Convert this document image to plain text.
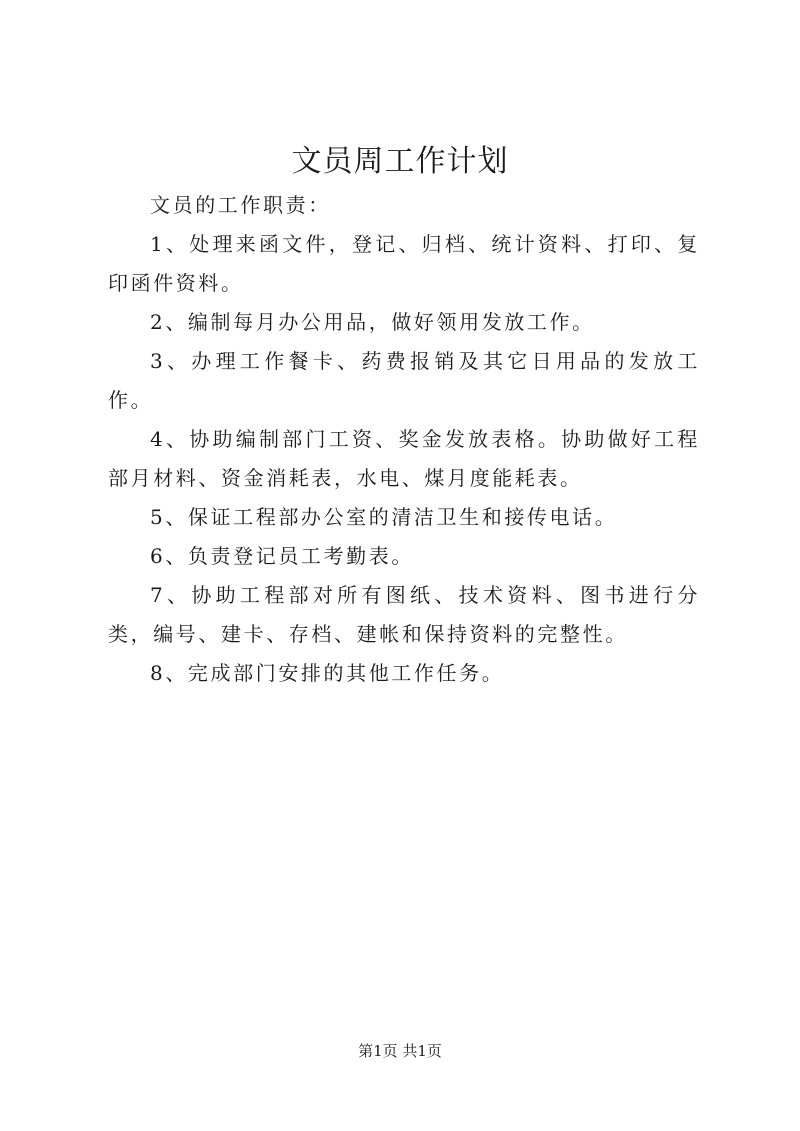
文员周工作计划

文员的工作职责：

1、处理来函文件，登记、归档、统计资料、打印、复印函件资料。

2、编制每月办公用品，做好领用发放工作。

3、办理工作餐卡、药费报销及其它日用品的发放工作。

4、协助编制部门工资、奖金发放表格。协助做好工程部月材料、资金消耗表，水电、煤月度能耗表。

5、保证工程部办公室的清洁卫生和接传电话。

6、负责登记员工考勤表。

7、协助工程部对所有图纸、技术资料、图书进行分类，编号、建卡、存档、建帐和保持资料的完整性。

8、完成部门安排的其他工作任务。

第1页 共1页
